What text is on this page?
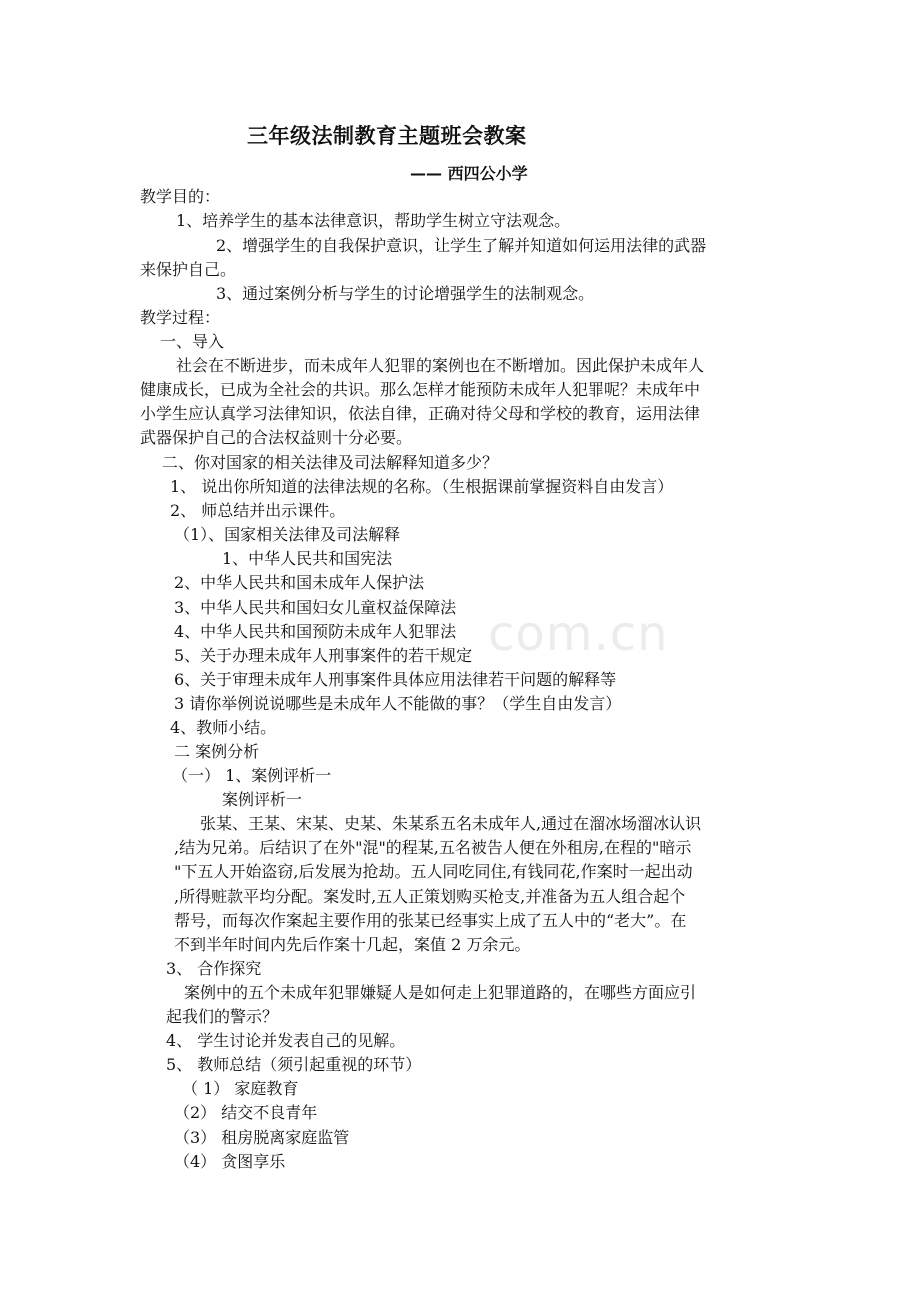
com.cn
三年级法制教育主题班会教案
—— 西四公小学
教学目的：
1、培养学生的基本法律意识，帮助学生树立守法观念。
2、增强学生的自我保护意识，让学生了解并知道如何运用法律的武器
来保护自己。
3、通过案例分析与学生的讨论增强学生的法制观念。
教学过程：
一、导入
社会在不断进步，而未成年人犯罪的案例也在不断增加。因此保护未成年人
健康成长，已成为全社会的共识。那么怎样才能预防未成年人犯罪呢？未成年中
小学生应认真学习法律知识，依法自律，正确对待父母和学校的教育，运用法律
武器保护自己的合法权益则十分必要。
二、你对国家的相关法律及司法解释知道多少？
1、 说出你所知道的法律法规的名称。（生根据课前掌握资料自由发言）
2、 师总结并出示课件。
（1）、国家相关法律及司法解释
1、中华人民共和国宪法
2、中华人民共和国未成年人保护法
3、中华人民共和国妇女儿童权益保障法
4、中华人民共和国预防未成年人犯罪法
5、关于办理未成年人刑事案件的若干规定
6、关于审理未成年人刑事案件具体应用法律若干问题的解释等
3 请你举例说说哪些是未成年人不能做的事？（学生自由发言）
4、教师小结。
二 案例分析
（一） 1、案例评析一
案例评析一
张某、王某、宋某、史某、朱某系五名未成年人,通过在溜冰场溜冰认识
,结为兄弟。后结识了在外"混"的程某,五名被告人便在外租房,在程的"暗示
"下五人开始盗窃,后发展为抢劫。五人同吃同住,有钱同花,作案时一起出动
,所得赃款平均分配。案发时,五人正策划购买枪支,并准备为五人组合起个
帮号，而每次作案起主要作用的张某已经事实上成了五人中的“老大”。在
不到半年时间内先后作案十几起，案值 2 万余元。
3、 合作探究
案例中的五个未成年犯罪嫌疑人是如何走上犯罪道路的，在哪些方面应引
起我们的警示？
4、 学生讨论并发表自己的见解。
5、 教师总结（须引起重视的环节）
（ 1） 家庭教育
（2） 结交不良青年
（3） 租房脱离家庭监管
（4） 贪图享乐
